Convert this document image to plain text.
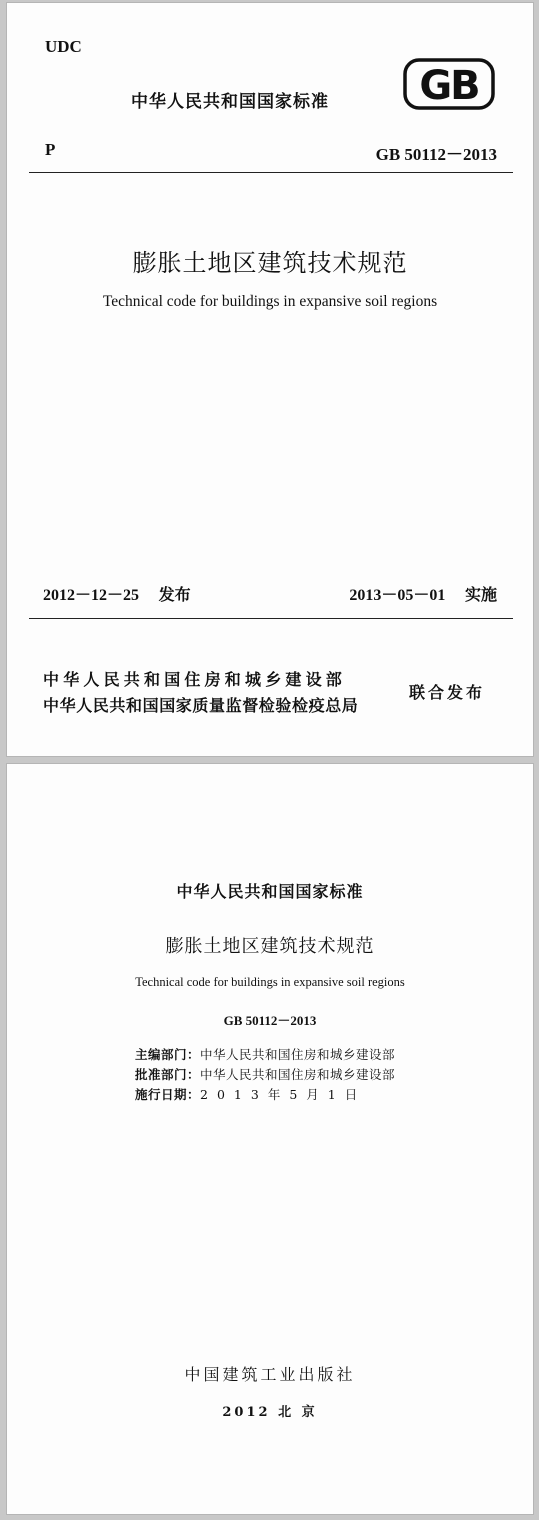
UDC
中华人民共和国国家标准 GB
P	GB 50112－2013
膨胀土地区建筑技术规范
Technical code for buildings in expansive soil regions
2012－12－25 发布	2013－05－01 实施
中华人民共和国住房和城乡建设部
中华人民共和国国家质量监督检验检疫总局
联合发布
中华人民共和国国家标准
膨胀土地区建筑技术规范
Technical code for buildings in expansive soil regions
GB 50112－2013
主编部门：中华人民共和国住房和城乡建设部
批准部门：中华人民共和国住房和城乡建设部
施行日期：2013年5月1日
中国建筑工业出版社
2012 北 京
